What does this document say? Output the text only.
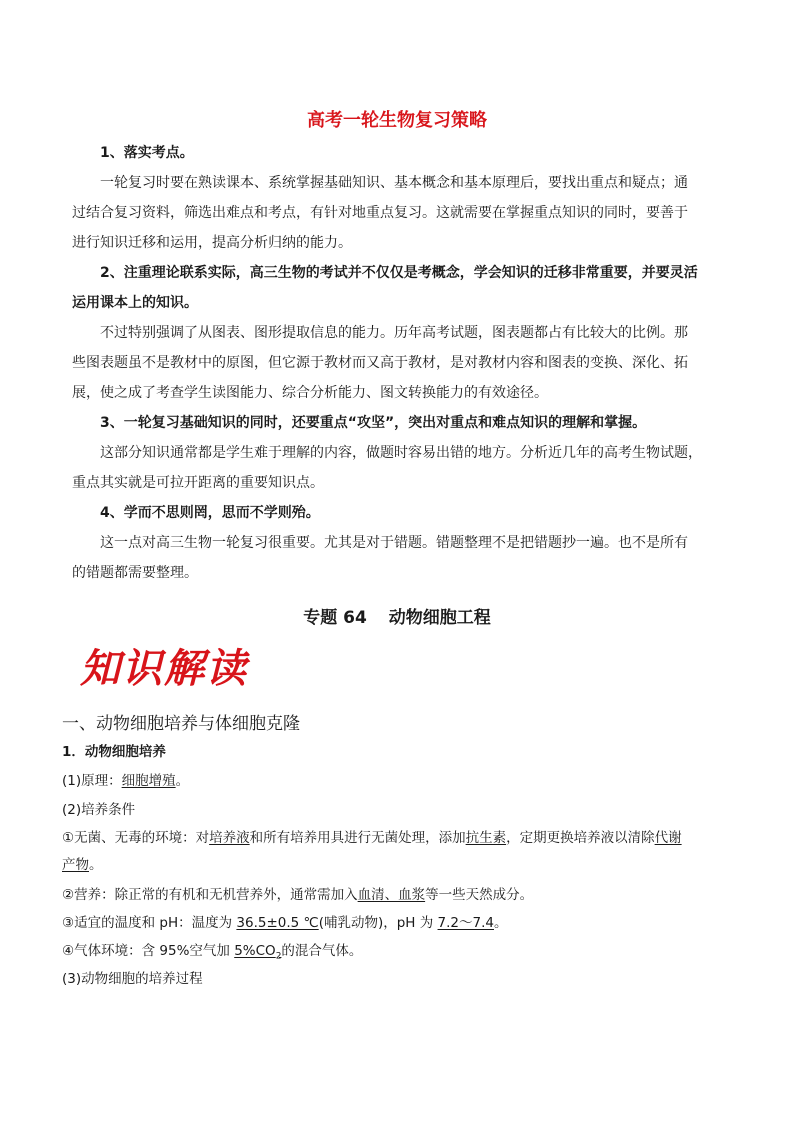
高考一轮生物复习策略
1、落实考点。
一轮复习时要在熟读课本、系统掌握基础知识、基本概念和基本原理后，要找出重点和疑点；通
过结合复习资料，筛选出难点和考点，有针对地重点复习。这就需要在掌握重点知识的同时，要善于
进行知识迁移和运用，提高分析归纳的能力。
2、注重理论联系实际，高三生物的考试并不仅仅是考概念，学会知识的迁移非常重要，并要灵活
运用课本上的知识。
不过特别强调了从图表、图形提取信息的能力。历年高考试题，图表题都占有比较大的比例。那
些图表题虽不是教材中的原图，但它源于教材而又高于教材，是对教材内容和图表的变换、深化、拓
展，使之成了考查学生读图能力、综合分析能力、图文转换能力的有效途径。
3、一轮复习基础知识的同时，还要重点“攻坚”，突出对重点和难点知识的理解和掌握。
这部分知识通常都是学生难于理解的内容，做题时容易出错的地方。分析近几年的高考生物试题，
重点其实就是可拉开距离的重要知识点。
4、学而不思则罔，思而不学则殆。
这一点对高三生物一轮复习很重要。尤其是对于错题。错题整理不是把错题抄一遍。也不是所有
的错题都需要整理。
专题 64 动物细胞工程
知识解读
一、动物细胞培养与体细胞克隆
1．动物细胞培养
(1)原理：细胞增殖。
(2)培养条件
①无菌、无毒的环境：对培养液和所有培养用具进行无菌处理，添加抗生素，定期更换培养液以清除代谢
产物。
②营养：除正常的有机和无机营养外，通常需加入血清、血浆等一些天然成分。
③适宜的温度和 pH：温度为 36.5±0.5 ℃(哺乳动物)，pH 为 7.2～7.4。
④气体环境：含 95%空气加 $5\%CO_2$的混合气体。
(3)动物细胞的培养过程
